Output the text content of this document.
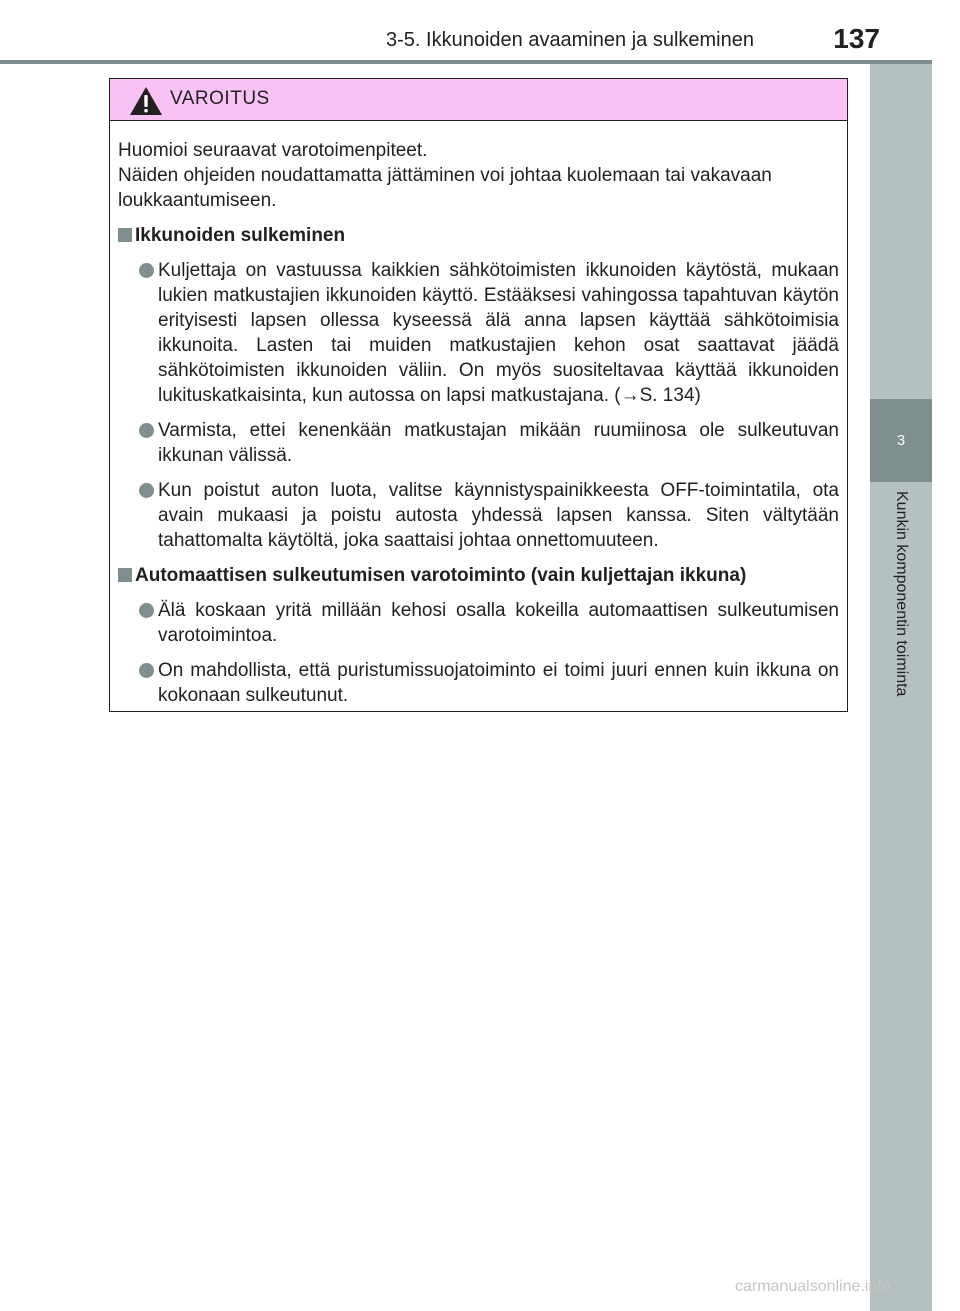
3-5. Ikkunoiden avaaminen ja sulkeminen	137
3
Kunkin komponentin toiminta
VAROITUS

Huomioi seuraavat varotoimenpiteet.

Näiden ohjeiden noudattamatta jättäminen voi johtaa kuolemaan tai vakavaan loukkaantumiseen.

Ikkunoiden sulkeminen
Kuljettaja on vastuussa kaikkien sähkötoimisten ikkunoiden käytöstä, mukaan lukien matkustajien ikkunoiden käyttö. Estääksesi vahingossa tapahtuvan käytön erityisesti lapsen ollessa kyseessä älä anna lapsen käyttää sähkötoimisia ikkunoita. Lasten tai muiden matkustajien kehon osat saattavat jäädä sähkötoimisten ikkunoiden väliin. On myös suositeltavaa käyttää ikkunoiden lukituskatkaisinta, kun autossa on lapsi matkustajana. (→S. 134)
Varmista, ettei kenenkään matkustajan mikään ruumiinosa ole sulkeutuvan ikkunan välissä.
Kun poistut auton luota, valitse käynnistyspainikkeesta OFF-toimintatila, ota avain mukaasi ja poistu autosta yhdessä lapsen kanssa. Siten vältytään tahattomalta käytöltä, joka saattaisi johtaa onnettomuuteen.
Automaattisen sulkeutumisen varotoiminto (vain kuljettajan ikkuna)
Älä koskaan yritä millään kehosi osalla kokeilla automaattisen sulkeutumisen varotoimintoa.
On mahdollista, että puristumissuojatoiminto ei toimi juuri ennen kuin ikkuna on kokonaan sulkeutunut.
carmanualsonline.info
